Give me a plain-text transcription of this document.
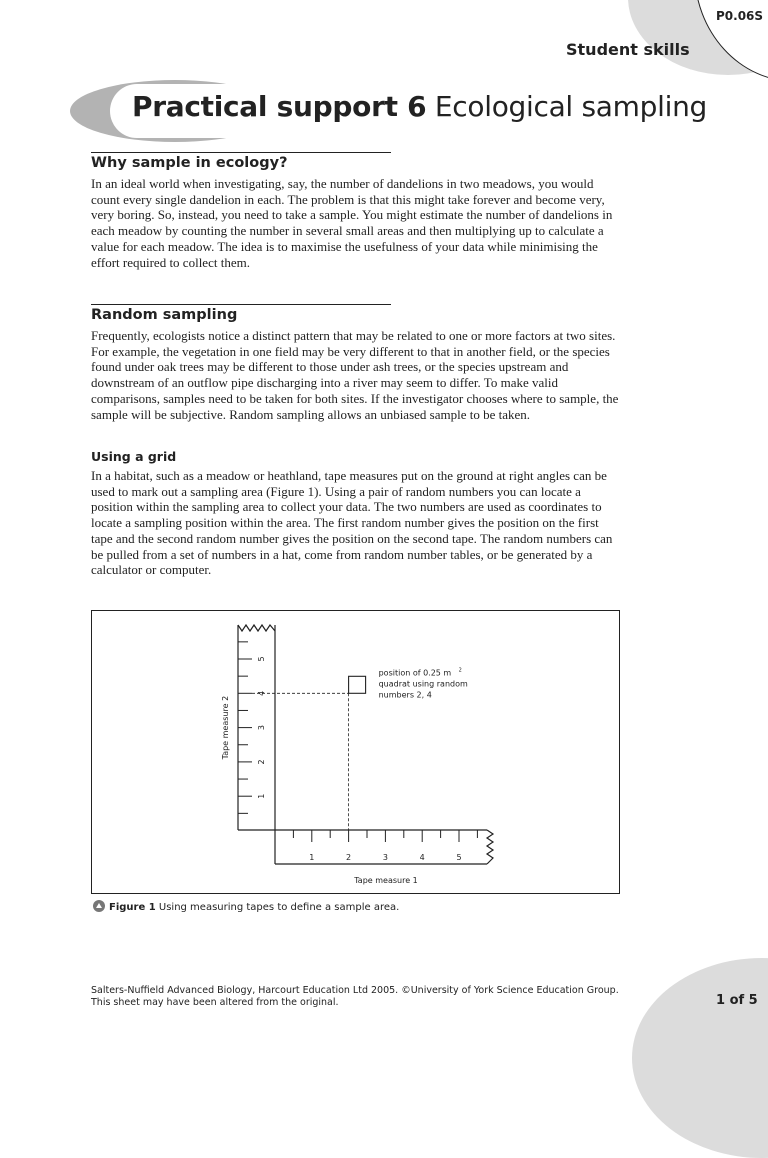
P0.06S
Student skills
Practical support 6 Ecological sampling
Why sample in ecology?

In an ideal world when investigating, say, the number of dandelions in two meadows, you would count every single dandelion in each. The problem is that this might take forever and become very, very boring. So, instead, you need to take a sample. You might estimate the number of dandelions in each meadow by counting the number in several small areas and then multiplying up to calculate a value for each meadow. The idea is to maximise the usefulness of your data while minimising the effort required to collect them.

Random sampling

Frequently, ecologists notice a distinct pattern that may be related to one or more factors at two sites. For example, the vegetation in one field may be very different to that in another field, or the species found under oak trees may be different to those under ash trees, or the species upstream and downstream of an outflow pipe discharging into a river may seem to differ. To make valid comparisons, samples need to be taken for both sites. If the investigator chooses where to sample, the sample will be subjective. Random sampling allows an unbiased sample to be taken.

Using a grid

In a habitat, such as a meadow or heathland, tape measures put on the ground at right angles can be used to mark out a sampling area (Figure 1). Using a pair of random numbers you can locate a position within the sampling area to collect your data. The two numbers are used as coordinates to locate a sampling position within the area. The first random number gives the position on the first tape and the second random number gives the position on the second tape. The random numbers can be pulled from a set of numbers in a hat, come from random number tables, or be generated by a calculator or computer.

1
2
3
4
5
1	2	3	4	5
Tape measure 1
Tape measure 2
position of 0.25 m 2
quadrat using random
numbers 2, 4
Figure 1 Using measuring tapes to define a sample area.
Salters-Nuffield Advanced Biology, Harcourt Education Ltd 2005. ©University of York Science Education Group.
This sheet may have been altered from the original.	1 of 5
